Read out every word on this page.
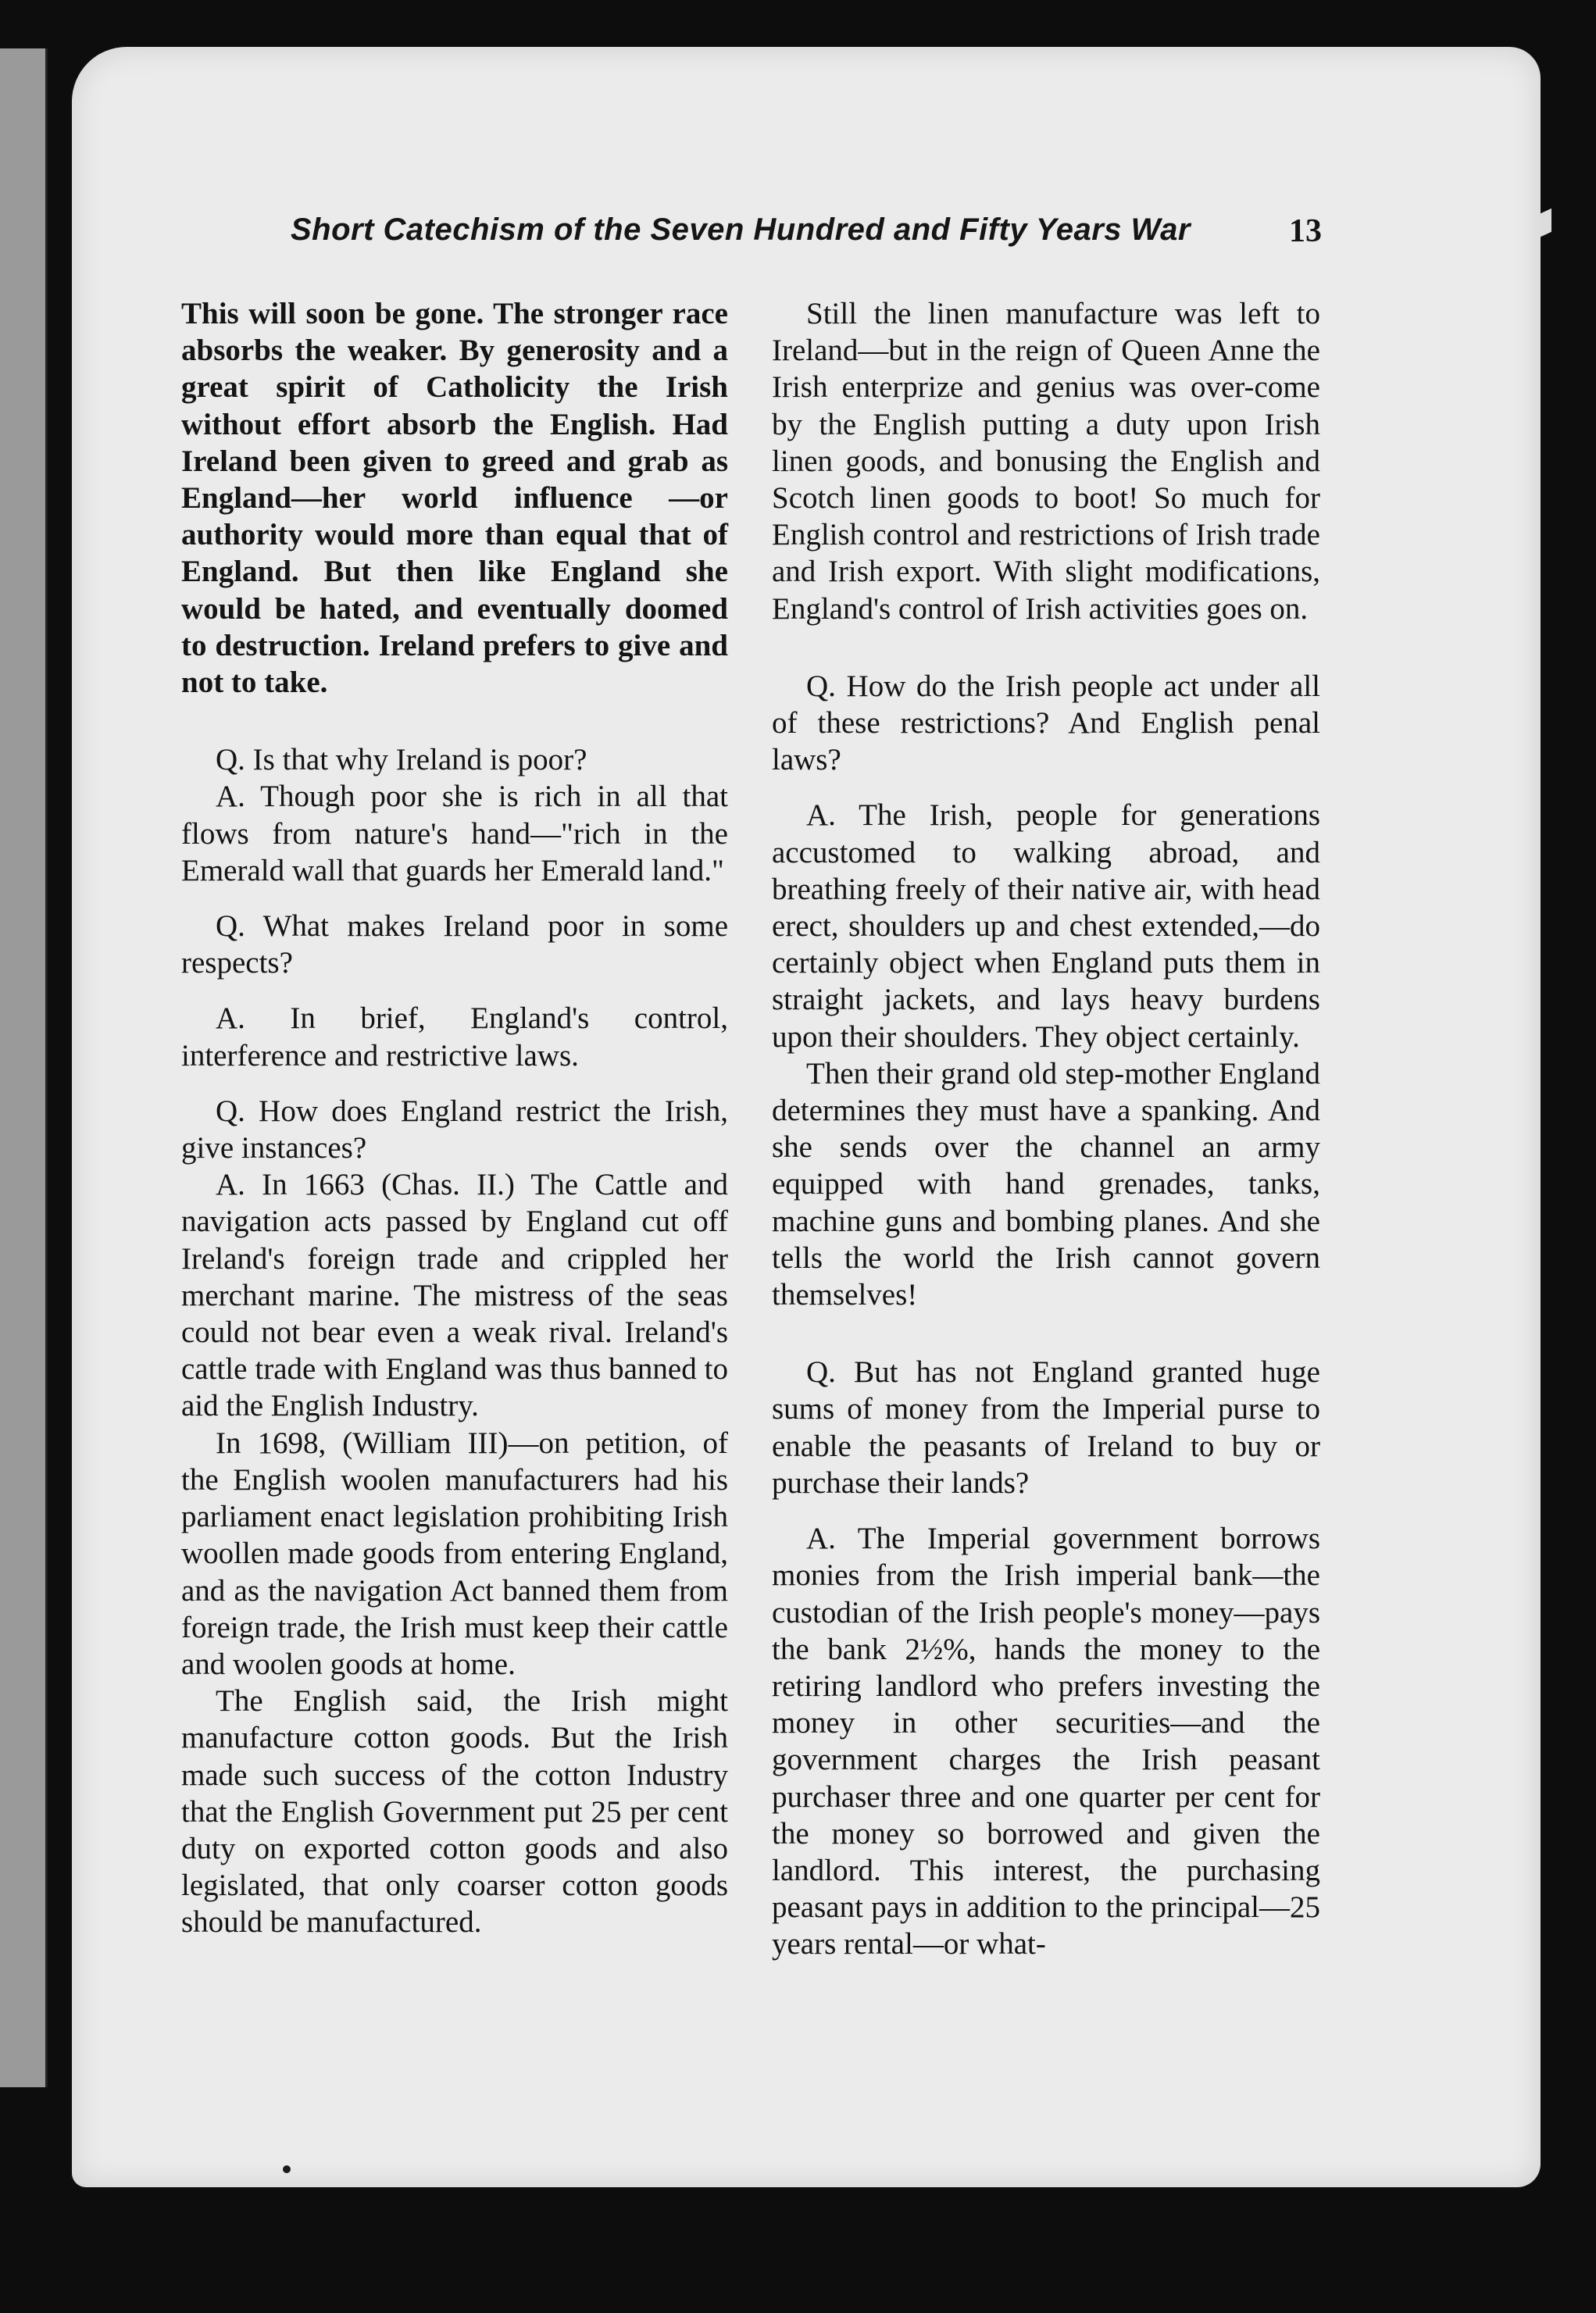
Short Catechism of the Seven Hundred and Fifty Years War	13

This will soon be gone. The stronger race absorbs the weaker. By generosity and a great spirit of Catholicity the Irish without effort absorb the English. Had Ireland been given to greed and grab as England—her world influence —or authority would more than equal that of England. But then like England she would be hated, and eventually doomed to destruction. Ireland prefers to give and not to take.

Q. Is that why Ireland is poor?

A. Though poor she is rich in all that flows from nature's hand—"rich in the Emerald wall that guards her Emerald land."

Q. What makes Ireland poor in some respects?

A. In brief, England's control, interference and restrictive laws.

Q. How does England restrict the Irish, give instances?

A. In 1663 (Chas. II.) The Cattle and navigation acts passed by England cut off Ireland's foreign trade and crippled her merchant marine. The mistress of the seas could not bear even a weak rival. Ireland's cattle trade with England was thus banned to aid the English Industry.

In 1698, (William III)—on petition, of the English woolen manufacturers had his parliament enact legislation prohibiting Irish woollen made goods from entering England, and as the navigation Act banned them from foreign trade, the Irish must keep their cattle and woolen goods at home.

The English said, the Irish might manufacture cotton goods. But the Irish made such success of the cotton Industry that the English Government put 25 per cent duty on exported cotton goods and also legislated, that only coarser cotton goods should be manufactured.

Still the linen manufacture was left to Ireland—but in the reign of Queen Anne the Irish enterprize and genius was over-come by the English putting a duty upon Irish linen goods, and bonusing the English and Scotch linen goods to boot! So much for English control and restrictions of Irish trade and Irish export. With slight modifications, England's control of Irish activities goes on.

Q. How do the Irish people act under all of these restrictions? And English penal laws?

A. The Irish, people for generations accustomed to walking abroad, and breathing freely of their native air, with head erect, shoulders up and chest extended,—do certainly object when England puts them in straight jackets, and lays heavy burdens upon their shoulders. They object certainly.

Then their grand old step-mother England determines they must have a spanking. And she sends over the channel an army equipped with hand grenades, tanks, machine guns and bombing planes. And she tells the world the Irish cannot govern themselves!

Q. But has not England granted huge sums of money from the Imperial purse to enable the peasants of Ireland to buy or purchase their lands?

A. The Imperial government borrows monies from the Irish imperial bank—the custodian of the Irish people's money—pays the bank 2½%, hands the money to the retiring landlord who prefers investing the money in other securities—and the government charges the Irish peasant purchaser three and one quarter per cent for the money so borrowed and given the landlord. This interest, the purchasing peasant pays in addition to the principal—25 years rental—or what-
